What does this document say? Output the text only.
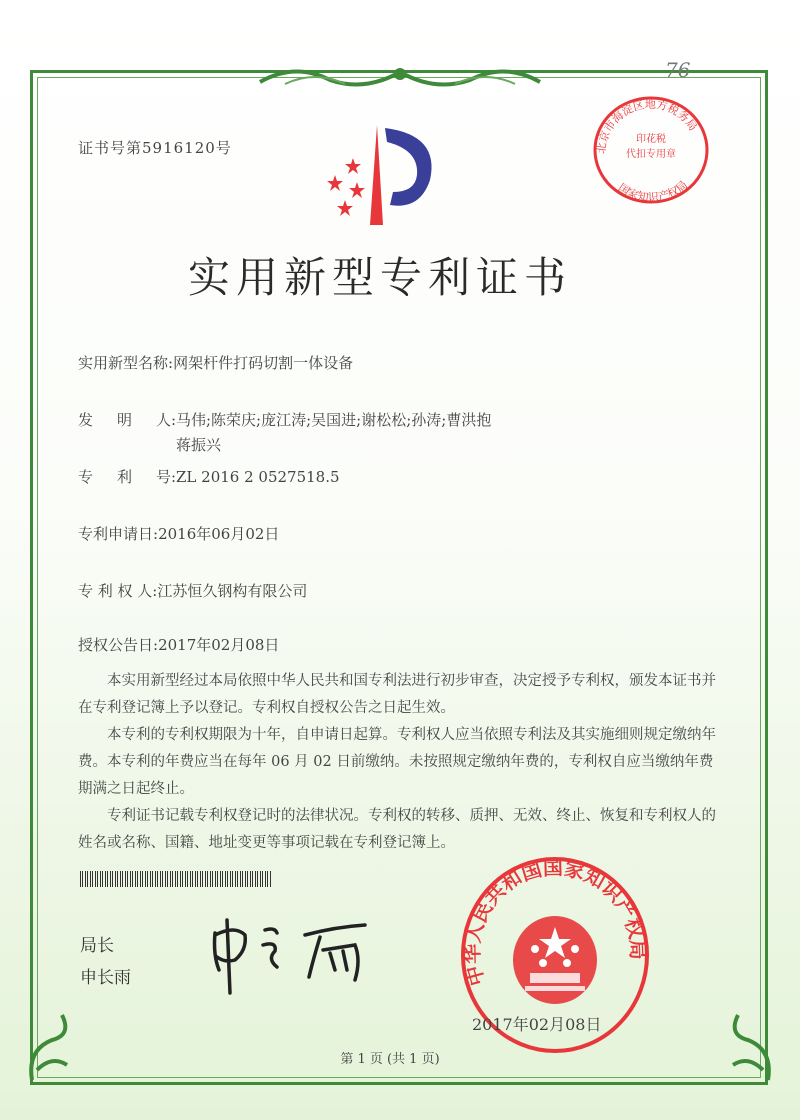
76
证书号第5916120号	北京市海淀区地方税务局
国家知识产权局
印花税
代扣专用章
实用新型专利证书
实用新型名称:网架杆件打码切割一体设备
发 明 人: 马伟;陈荣庆;庞江涛;吴国进;谢松松;孙涛;曹洪抱
蒋振兴
专 利 号: ZL 2016 2 0527518.5
专利申请日:2016年06月02日
专 利 权 人:江苏恒久钢构有限公司
授权公告日:2017年02月08日

本实用新型经过本局依照中华人民共和国专利法进行初步审查，决定授予专利权，颁发本证书并在专利登记簿上予以登记。专利权自授权公告之日起生效。

本专利的专利权期限为十年，自申请日起算。专利权人应当依照专利法及其实施细则规定缴纳年费。本专利的年费应当在每年 06 月 02 日前缴纳。未按照规定缴纳年费的，专利权自应当缴纳年费期满之日起终止。

专利证书记载专利权登记时的法律状况。专利权的转移、质押、无效、终止、恢复和专利权人的姓名或名称、国籍、地址变更等事项记载在专利登记簿上。

局长
申长雨	中华人民共和国国家知识产权局
2017年02月08日
第 1 页 (共 1 页)
